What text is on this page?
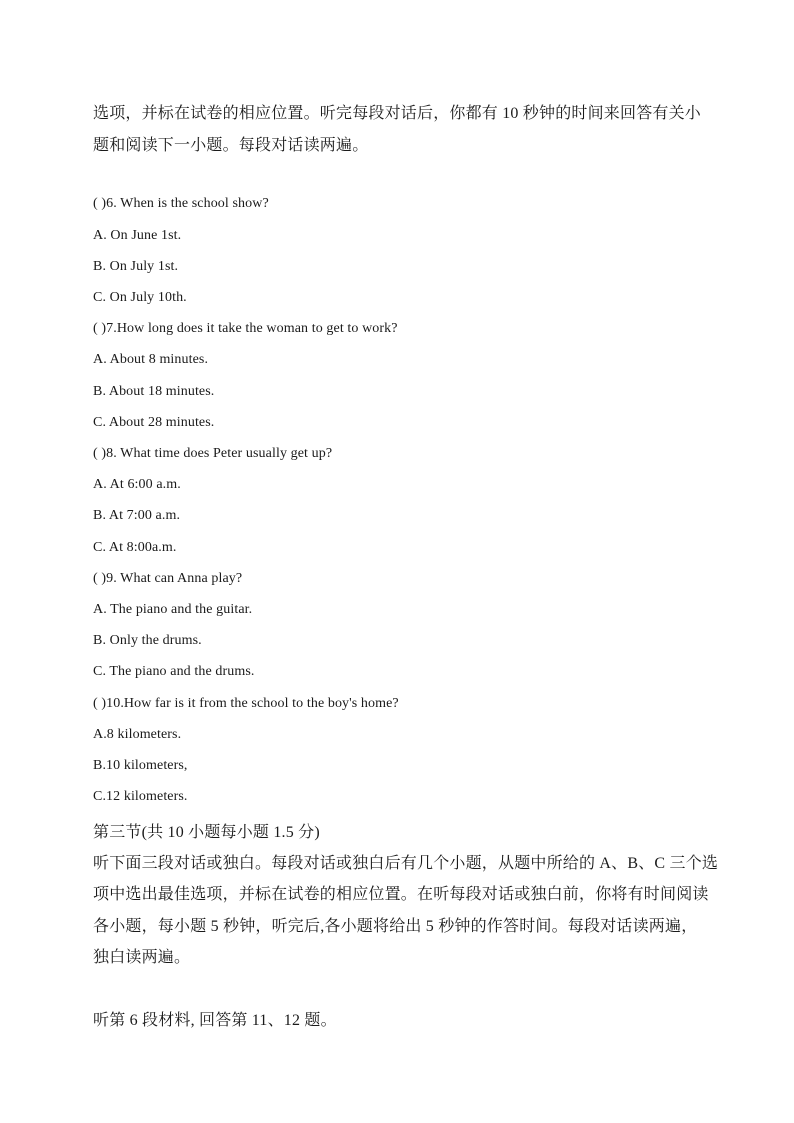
选项，并标在试卷的相应位置。听完每段对话后，你都有 10 秒钟的时间来回答有关小
题和阅读下一小题。每段对话读两遍。
( )6. When is the school show?
A. On June 1st.
B. On July 1st.
C. On July 10th.
( )7.How long does it take the woman to get to work?
A. About 8 minutes.
B. About 18 minutes.
C. About 28 minutes.
( )8. What time does Peter usually get up?
A. At 6:00 a.m.
B. At 7:00 a.m.
C. At 8:00a.m.
( )9. What can Anna play?
A. The piano and the guitar.
B. Only the drums.
C. The piano and the drums.
( )10.How far is it from the school to the boy's home?
A.8 kilometers.
B.10 kilometers,
C.12 kilometers.
第三节(共 10 小题每小题 1.5 分)
听下面三段对话或独白。每段对话或独白后有几个小题，从题中所给的 A、B、C 三个选
项中选出最佳选项，并标在试卷的相应位置。在听每段对话或独白前，你将有时间阅读
各小题，每小题 5 秒钟，听完后,各小题将给出 5 秒钟的作答时间。每段对话读两遍，
独白读两遍。
听第 6 段材料, 回答第 11、12 题。
